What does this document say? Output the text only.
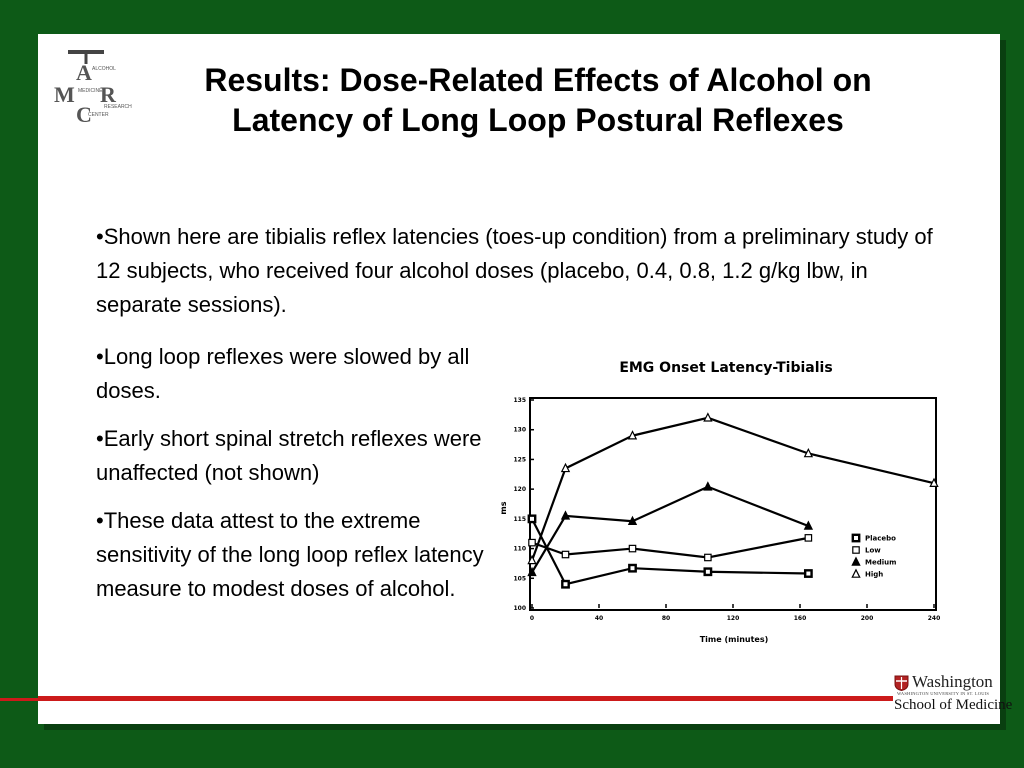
A
M R
C
ALCOHOL
MEDICINE
RESEARCH
CENTER
Results: Dose-Related Effects of Alcohol on
Latency of Long Loop Postural Reflexes
•Shown here are tibialis reflex latencies (toes-up condition) from a preliminary study of 12 subjects, who received four alcohol doses (placebo, 0.4, 0.8, 1.2 g/kg lbw, in separate sessions).

•Long loop reflexes were slowed by all doses.

•Early short spinal stretch reflexes were unaffected (not shown)

•These data attest to the extreme sensitivity of the long loop reflex latency measure to modest doses of alcohol.

EMG Onset Latency-Tibialis
ms
Time (minutes)
0	40	80	120	160	200	240
100
105
110
115
120
125
130
135
Placebo
Low
Medium
High
Washington
WASHINGTON UNIVERSITY IN ST. LOUIS
School of Medicine
